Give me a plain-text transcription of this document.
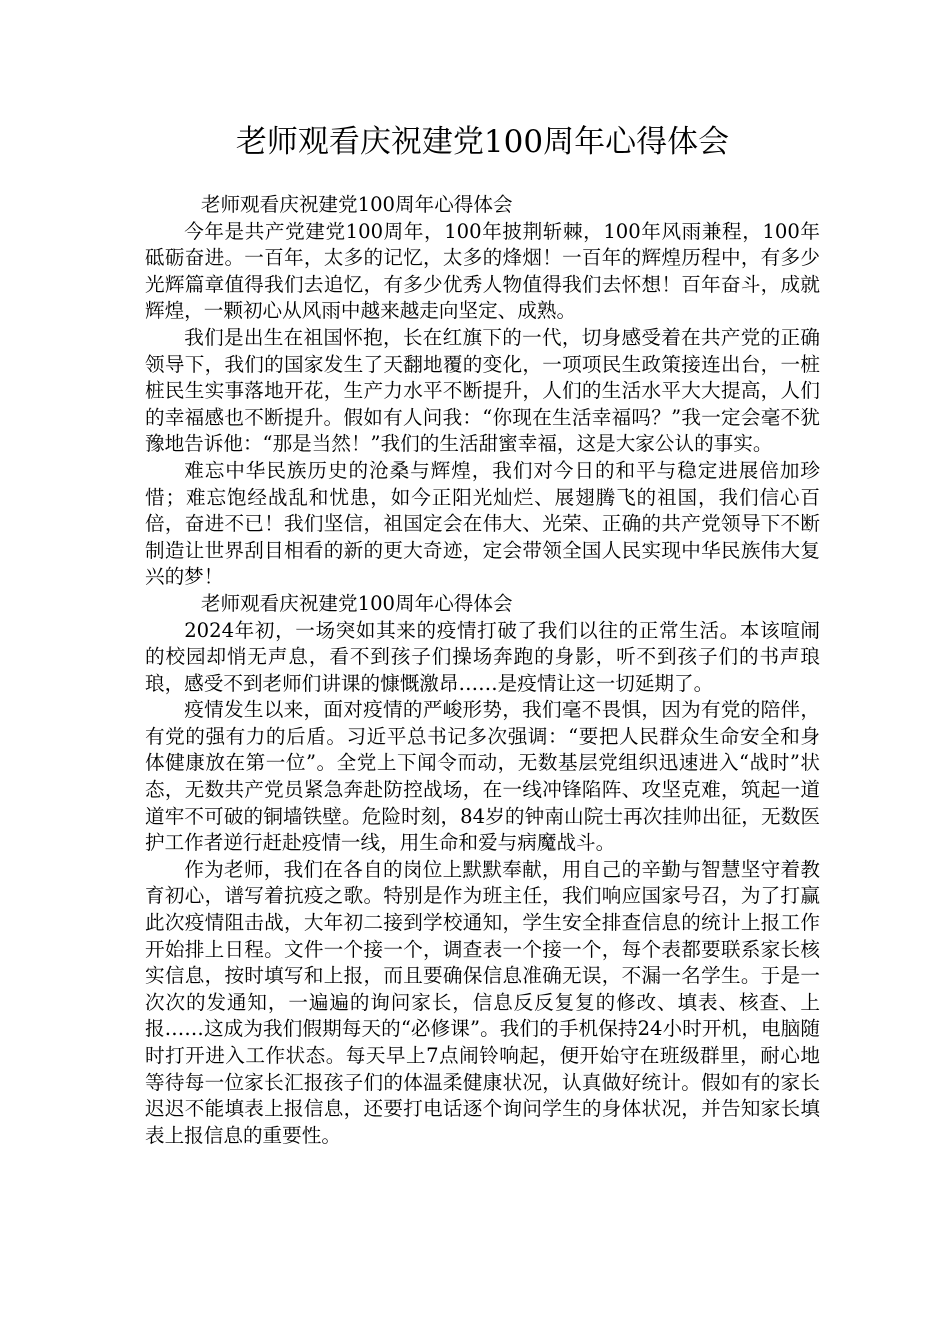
老师观看庆祝建党100周年心得体会

老师观看庆祝建党100周年心得体会

今年是共产党建党100周年，100年披荆斩棘，100年风雨兼程，100年砥砺奋进。一百年，太多的记忆，太多的烽烟！一百年的辉煌历程中，有多少光辉篇章值得我们去追忆，有多少优秀人物值得我们去怀想！百年奋斗，成就辉煌，一颗初心从风雨中越来越走向坚定、成熟。

我们是出生在祖国怀抱，长在红旗下的一代，切身感受着在共产党的正确领导下，我们的国家发生了天翻地覆的变化，一项项民生政策接连出台，一桩桩民生实事落地开花，生产力水平不断提升，人们的生活水平大大提高，人们的幸福感也不断提升。假如有人问我：“你现在生活幸福吗？”我一定会毫不犹豫地告诉他：“那是当然！”我们的生活甜蜜幸福，这是大家公认的事实。

难忘中华民族历史的沧桑与辉煌，我们对今日的和平与稳定进展倍加珍惜；难忘饱经战乱和忧患，如今正阳光灿烂、展翅腾飞的祖国，我们信心百倍，奋进不已！我们坚信，祖国定会在伟大、光荣、正确的共产党领导下不断制造让世界刮目相看的新的更大奇迹，定会带领全国人民实现中华民族伟大复兴的梦！

老师观看庆祝建党100周年心得体会

2024年初，一场突如其来的疫情打破了我们以往的正常生活。本该喧闹的校园却悄无声息，看不到孩子们操场奔跑的身影，听不到孩子们的书声琅琅，感受不到老师们讲课的慷慨激昂……是疫情让这一切延期了。

疫情发生以来，面对疫情的严峻形势，我们毫不畏惧，因为有党的陪伴，有党的强有力的后盾。习近平总书记多次强调：“要把人民群众生命安全和身体健康放在第一位”。全党上下闻令而动，无数基层党组织迅速进入“战时”状态，无数共产党员紧急奔赴防控战场，在一线冲锋陷阵、攻坚克难，筑起一道道牢不可破的铜墙铁壁。危险时刻，84岁的钟南山院士再次挂帅出征，无数医护工作者逆行赶赴疫情一线，用生命和爱与病魔战斗。

作为老师，我们在各自的岗位上默默奉献，用自己的辛勤与智慧坚守着教育初心，谱写着抗疫之歌。特别是作为班主任，我们响应国家号召，为了打赢此次疫情阻击战，大年初二接到学校通知，学生安全排查信息的统计上报工作开始排上日程。文件一个接一个，调查表一个接一个，每个表都要联系家长核实信息，按时填写和上报，而且要确保信息准确无误，不漏一名学生。于是一次次的发通知，一遍遍的询问家长，信息反反复复的修改、填表、核查、上报……这成为我们假期每天的“必修课”。我们的手机保持24小时开机，电脑随时打开进入工作状态。每天早上7点闹铃响起，便开始守在班级群里，耐心地等待每一位家长汇报孩子们的体温柔健康状况，认真做好统计。假如有的家长迟迟不能填表上报信息，还要打电话逐个询问学生的身体状况，并告知家长填表上报信息的重要性。
